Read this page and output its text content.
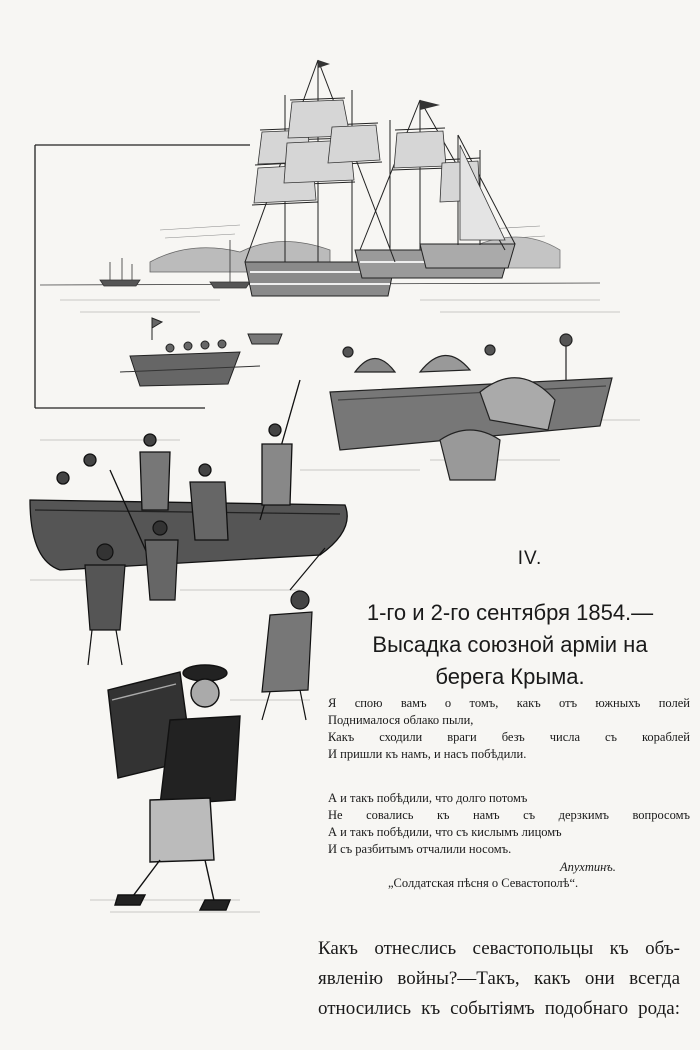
IV.
1-го и 2-го сентября 1854.—
Высадка союзной арміи на
берега Крыма.
Я спою вамъ о томъ, какъ отъ южныхъ полей
Поднималося облако пыли,
Какъ сходили враги безъ числа съ кораблей
И пришли къ намъ, и насъ побѣдили.
А и такъ побѣдили, что долго потомъ
Не совались къ намъ съ дерзкимъ вопросомъ
А и такъ побѣдили, что съ кислымъ лицомъ
И съ разбитымъ отчалили носомъ.
Апухтинъ.
„Солдатская пѣсня о Севастополѣ“.
Какъ отнеслись севастопольцы къ объ-
явленію войны?—Такъ, какъ они всегда
относились къ событіямъ подобнаго рода:
